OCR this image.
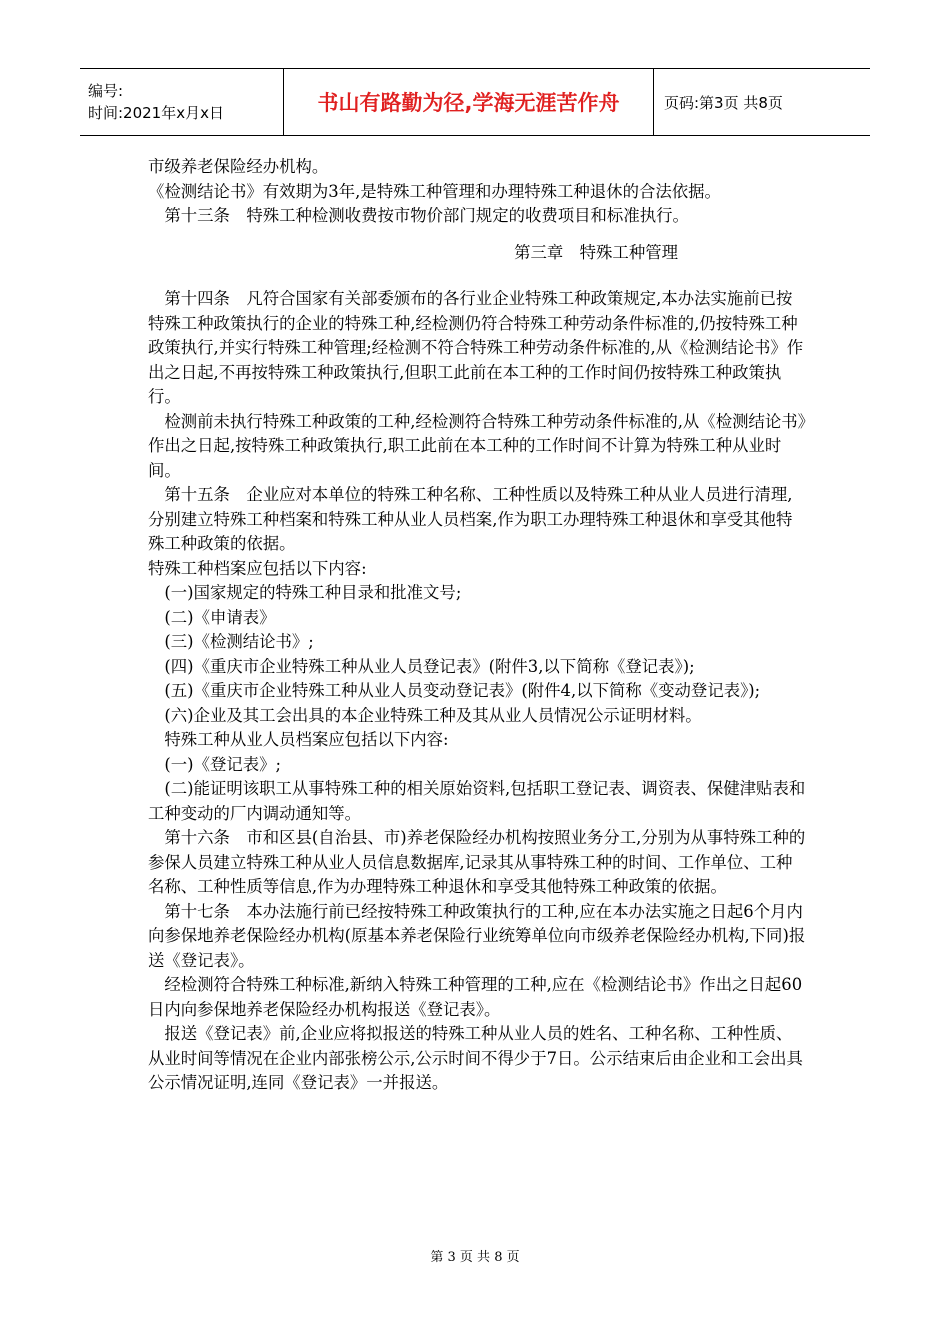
编号:
时间:2021年x月x日	书山有路勤为径,学海无涯苦作舟	页码:第3页 共8页

市级养老保险经办机构。

《检测结论书》有效期为3年,是特殊工种管理和办理特殊工种退休的合法依据。

第十三条　特殊工种检测收费按市物价部门规定的收费项目和标准执行。

第三章　特殊工种管理

第十四条　凡符合国家有关部委颁布的各行业企业特殊工种政策规定,本办法实施前已按特殊工种政策执行的企业的特殊工种,经检测仍符合特殊工种劳动条件标准的,仍按特殊工种政策执行,并实行特殊工种管理;经检测不符合特殊工种劳动条件标准的,从《检测结论书》作出之日起,不再按特殊工种政策执行,但职工此前在本工种的工作时间仍按特殊工种政策执行。

检测前未执行特殊工种政策的工种,经检测符合特殊工种劳动条件标准的,从《检测结论书》作出之日起,按特殊工种政策执行,职工此前在本工种的工作时间不计算为特殊工种从业时间。

第十五条　企业应对本单位的特殊工种名称、工种性质以及特殊工种从业人员进行清理,分别建立特殊工种档案和特殊工种从业人员档案,作为职工办理特殊工种退休和享受其他特殊工种政策的依据。

特殊工种档案应包括以下内容:

(一)国家规定的特殊工种目录和批准文号;

(二)《申请表》

(三)《检测结论书》;

(四)《重庆市企业特殊工种从业人员登记表》(附件3,以下简称《登记表》);

(五)《重庆市企业特殊工种从业人员变动登记表》(附件4,以下简称《变动登记表》);

(六)企业及其工会出具的本企业特殊工种及其从业人员情况公示证明材料。

特殊工种从业人员档案应包括以下内容:

(一)《登记表》;

(二)能证明该职工从事特殊工种的相关原始资料,包括职工登记表、调资表、保健津贴表和工种变动的厂内调动通知等。

第十六条　市和区县(自治县、市)养老保险经办机构按照业务分工,分别为从事特殊工种的参保人员建立特殊工种从业人员信息数据库,记录其从事特殊工种的时间、工作单位、工种名称、工种性质等信息,作为办理特殊工种退休和享受其他特殊工种政策的依据。

第十七条　本办法施行前已经按特殊工种政策执行的工种,应在本办法实施之日起6个月内向参保地养老保险经办机构(原基本养老保险行业统筹单位向市级养老保险经办机构,下同)报送《登记表》。

经检测符合特殊工种标准,新纳入特殊工种管理的工种,应在《检测结论书》作出之日起60日内向参保地养老保险经办机构报送《登记表》。

报送《登记表》前,企业应将拟报送的特殊工种从业人员的姓名、工种名称、工种性质、从业时间等情况在企业内部张榜公示,公示时间不得少于7日。公示结束后由企业和工会出具公示情况证明,连同《登记表》一并报送。

第 3 页 共 8 页
